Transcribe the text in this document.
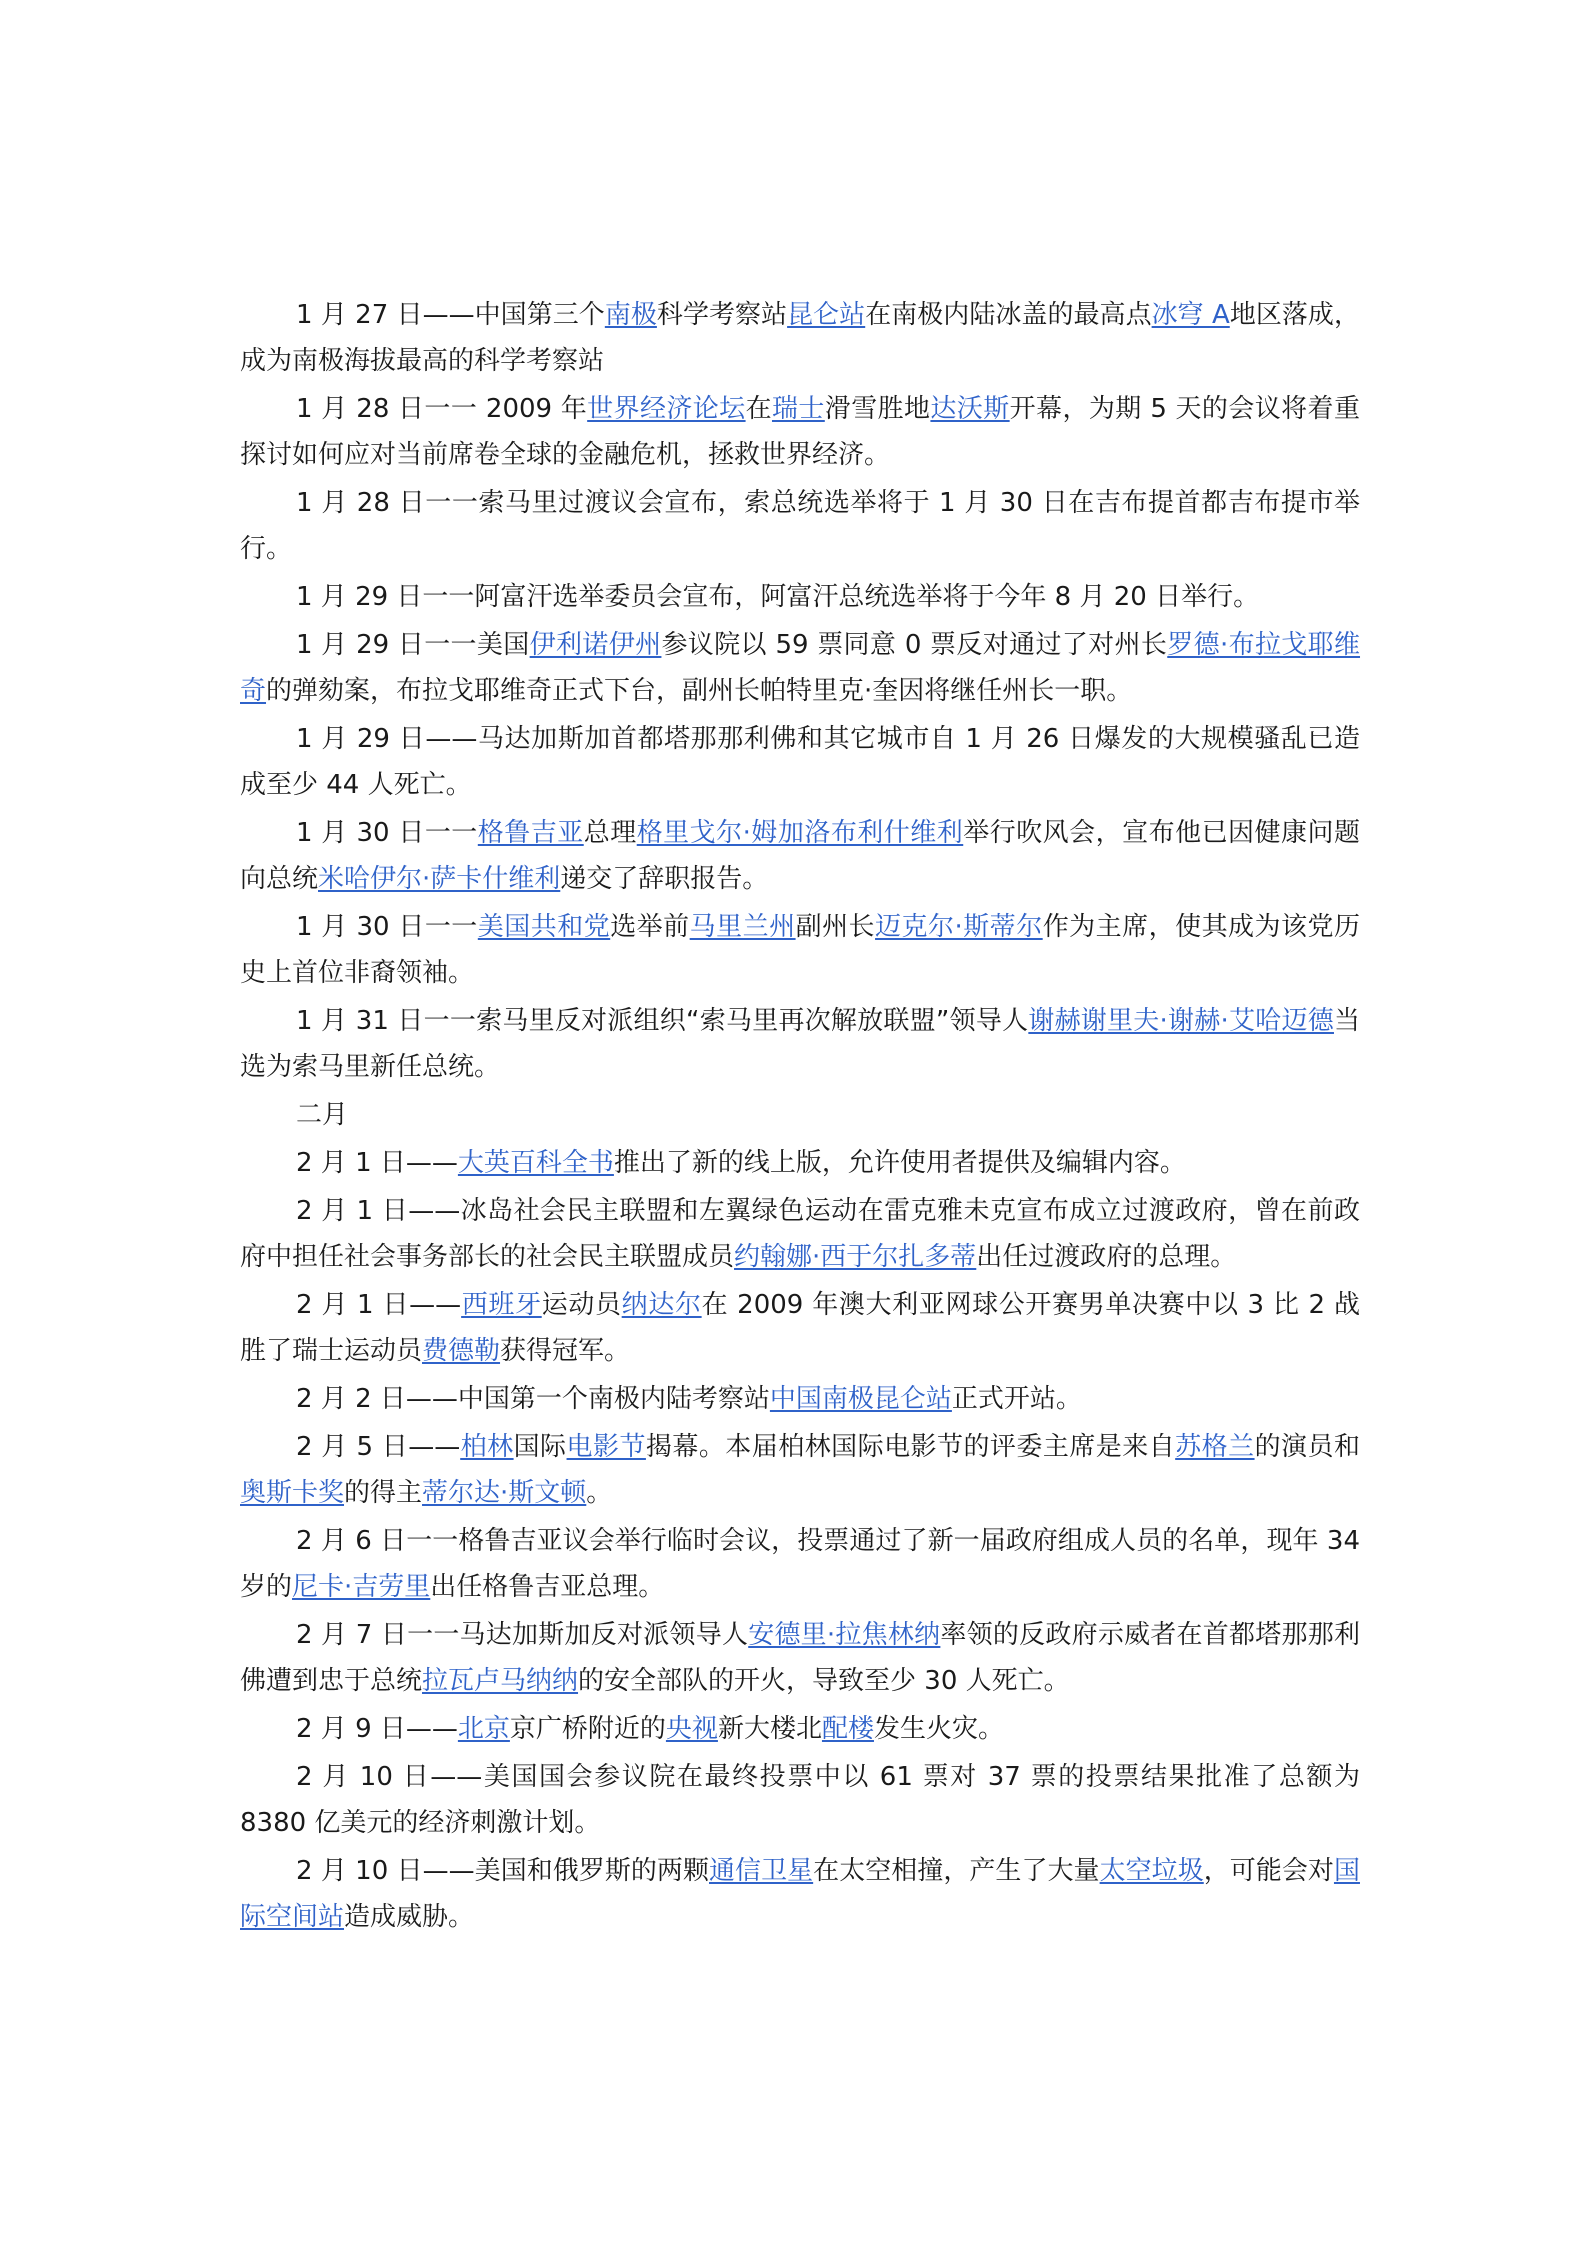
1 月 27 日——中国第三个南极科学考察站昆仑站在南极内陆冰盖的最高点冰穹 A地区落成，成为南极海拔最高的科学考察站
1 月 28 日一一 2009 年世界经济论坛在瑞士滑雪胜地达沃斯开幕，为期 5 天的会议将着重探讨如何应对当前席卷全球的金融危机，拯救世界经济。
1 月 28 日一一索马里过渡议会宣布，索总统选举将于 1 月 30 日在吉布提首都吉布提市举行。
1 月 29 日一一阿富汗选举委员会宣布，阿富汗总统选举将于今年 8 月 20 日举行。
1 月 29 日一一美国伊利诺伊州参议院以 59 票同意 0 票反对通过了对州长罗德·布拉戈耶维奇的弹劾案，布拉戈耶维奇正式下台，副州长帕特里克·奎因将继任州长一职。
1 月 29 日——马达加斯加首都塔那那利佛和其它城市自 1 月 26 日爆发的大规模骚乱已造成至少 44 人死亡。
1 月 30 日一一格鲁吉亚总理格里戈尔·姆加洛布利什维利举行吹风会，宣布他已因健康问题向总统米哈伊尔·萨卡什维利递交了辞职报告。
1 月 30 日一一美国共和党选举前马里兰州副州长迈克尔·斯蒂尔作为主席，使其成为该党历史上首位非裔领袖。
1 月 31 日一一索马里反对派组织“索马里再次解放联盟”领导人谢赫谢里夫·谢赫·艾哈迈德当选为索马里新任总统。
二月
2 月 1 日——大英百科全书推出了新的线上版，允许使用者提供及编辑内容。
2 月 1 日——冰岛社会民主联盟和左翼绿色运动在雷克雅未克宣布成立过渡政府，曾在前政府中担任社会事务部长的社会民主联盟成员约翰娜·西于尔扎多蒂出任过渡政府的总理。
2 月 1 日——西班牙运动员纳达尔在 2009 年澳大利亚网球公开赛男单决赛中以 3 比 2 战胜了瑞士运动员费德勒获得冠军。
2 月 2 日——中国第一个南极内陆考察站中国南极昆仑站正式开站。
2 月 5 日——柏林国际电影节揭幕。本届柏林国际电影节的评委主席是来自苏格兰的演员和奥斯卡奖的得主蒂尔达·斯文顿。
2 月 6 日一一格鲁吉亚议会举行临时会议，投票通过了新一届政府组成人员的名单，现年 34 岁的尼卡·吉劳里出任格鲁吉亚总理。
2 月 7 日一一马达加斯加反对派领导人安德里·拉焦林纳率领的反政府示威者在首都塔那那利佛遭到忠于总统拉瓦卢马纳纳的安全部队的开火，导致至少 30 人死亡。
2 月 9 日——北京京广桥附近的央视新大楼北配楼发生火灾。
2 月 10 日——美国国会参议院在最终投票中以 61 票对 37 票的投票结果批准了总额为 8380 亿美元的经济刺激计划。
2 月 10 日——美国和俄罗斯的两颗通信卫星在太空相撞，产生了大量太空垃圾，可能会对国际空间站造成威胁。
